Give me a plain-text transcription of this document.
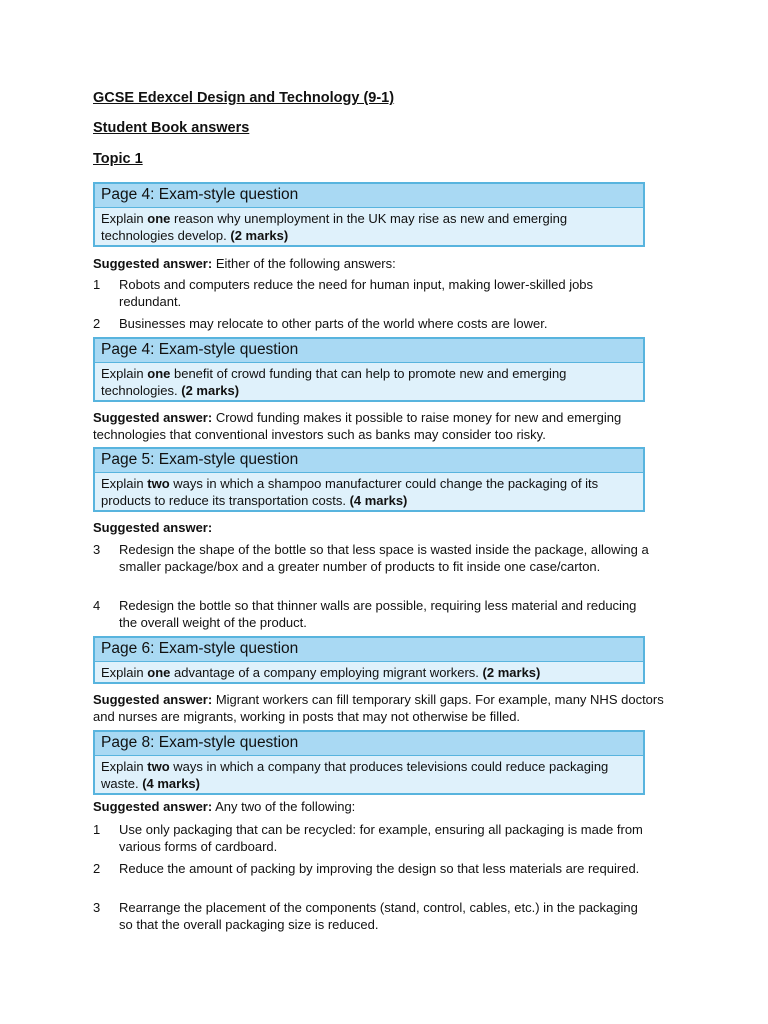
GCSE Edexcel Design and Technology (9-1)
Student Book answers
Topic 1
Page 4: Exam-style question
Explain one reason why unemployment in the UK may rise as new and emerging technologies develop. (2 marks)
Suggested answer: Either of the following answers:
1 Robots and computers reduce the need for human input, making lower-skilled jobs redundant.
2 Businesses may relocate to other parts of the world where costs are lower.
Page 4: Exam-style question
Explain one benefit of crowd funding that can help to promote new and emerging technologies. (2 marks)
Suggested answer: Crowd funding makes it possible to raise money for new and emerging technologies that conventional investors such as banks may consider too risky.
Page 5: Exam-style question
Explain two ways in which a shampoo manufacturer could change the packaging of its products to reduce its transportation costs. (4 marks)
Suggested answer:
3 Redesign the shape of the bottle so that less space is wasted inside the package, allowing a smaller package/box and a greater number of products to fit inside one case/carton.
4 Redesign the bottle so that thinner walls are possible, requiring less material and reducing the overall weight of the product.
Page 6: Exam-style question
Explain one advantage of a company employing migrant workers. (2 marks)
Suggested answer: Migrant workers can fill temporary skill gaps. For example, many NHS doctors and nurses are migrants, working in posts that may not otherwise be filled.
Page 8: Exam-style question
Explain two ways in which a company that produces televisions could reduce packaging waste. (4 marks)
Suggested answer: Any two of the following:
1 Use only packaging that can be recycled: for example, ensuring all packaging is made from various forms of cardboard.
2 Reduce the amount of packing by improving the design so that less materials are required.
3 Rearrange the placement of the components (stand, control, cables, etc.) in the packaging so that the overall packaging size is reduced.
